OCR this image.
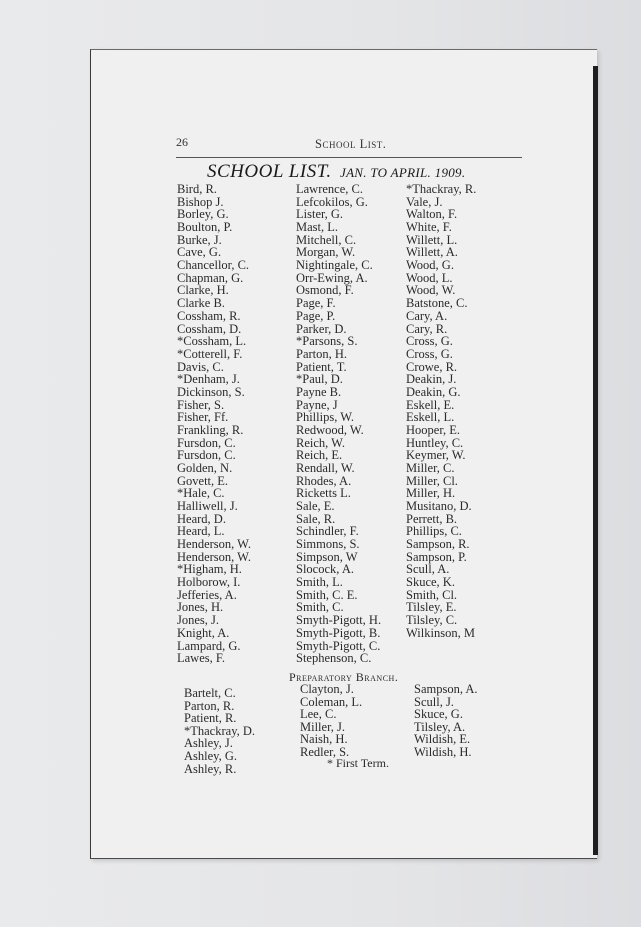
26	School List.
SCHOOL LIST. JAN. TO APRIL. 1909.
Bird, R.
Bishop J.
Borley, G.
Boulton, P.
Burke, J.
Cave, G.
Chancellor, C.
Chapman, G.
Clarke, H.
Clarke B.
Cossham, R.
Cossham, D.
*Cossham, L.
*Cotterell, F.
Davis, C.
*Denham, J.
Dickinson, S.
Fisher, S.
Fisher, Ff.
Frankling, R.
Fursdon, C.
Fursdon, C.
Golden, N.
Govett, E.
*Hale, C.
Halliwell, J.
Heard, D.
Heard, L.
Henderson, W.
Henderson, W.
*Higham, H.
Holborow, I.
Jefferies, A.
Jones, H.
Jones, J.
Knight, A.
Lampard, G.
Lawes, F.
Lawrence, C.
Lefcokilos, G.
Lister, G.
Mast, L.
Mitchell, C.
Morgan, W.
Nightingale, C.
Orr-Ewing, A.
Osmond, F.
Page, F.
Page, P.
Parker, D.
*Parsons, S.
Parton, H.
Patient, T.
*Paul, D.
Payne B.
Payne, J
Phillips, W.
Redwood, W.
Reich, W.
Reich, E.
Rendall, W.
Rhodes, A.
Ricketts L.
Sale, E.
Sale, R.
Schindler, F.
Simmons, S.
Simpson, W
Slocock, A.
Smith, L.
Smith, C. E.
Smith, C.
Smyth-Pigott, H.
Smyth-Pigott, B.
Smyth-Pigott, C.
Stephenson, C.
*Thackray, R.
Vale, J.
Walton, F.
White, F.
Willett, L.
Willett, A.
Wood, G.
Wood, L.
Wood, W.
Batstone, C.
Cary, A.
Cary, R.
Cross, G.
Cross, G.
Crowe, R.
Deakin, J.
Deakin, G.
Eskell, E.
Eskell, L.
Hooper, E.
Huntley, C.
Keymer, W.
Miller, C.
Miller, Cl.
Miller, H.
Musitano, D.
Perrett, B.
Phillips, C.
Sampson, R.
Sampson, P.
Scull, A.
Skuce, K.
Smith, Cl.
Tilsley, E.
Tilsley, C.
Wilkinson, M
Preparatory Branch.
Bartelt, C.
Parton, R.
Patient, R.
*Thackray, D.
Ashley, J.
Ashley, G.
Ashley, R.
Clayton, J.
Coleman, L.
Lee, C.
Miller, J.
Naish, H.
Redler, S.
Sampson, A.
Scull, J.
Skuce, G.
Tilsley, A.
Wildish, E.
Wildish, H.
* First Term.
